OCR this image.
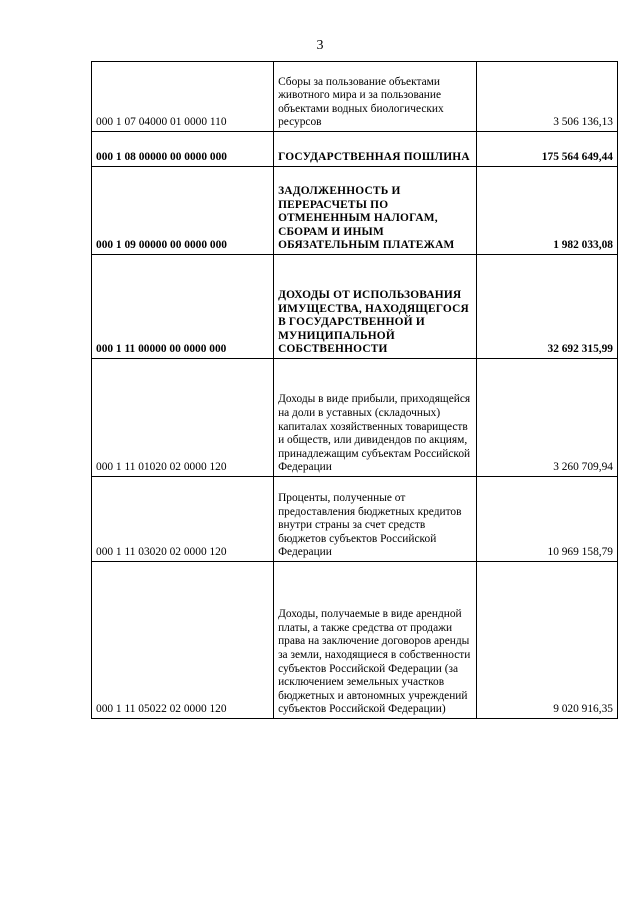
3
000 1 07 04000 01 0000 110	Сборы за пользование объектами животного мира и за пользование объектами водных биологических ресурсов	3 506 136,13
000 1 08 00000 00 0000 000	ГОСУДАРСТВЕННАЯ ПОШЛИНА	175 564 649,44
000 1 09 00000 00 0000 000	ЗАДОЛЖЕННОСТЬ И ПЕРЕРАСЧЕТЫ ПО ОТМЕНЕННЫМ НАЛОГАМ, СБОРАМ И ИНЫМ ОБЯЗАТЕЛЬНЫМ ПЛАТЕЖАМ	1 982 033,08
000 1 11 00000 00 0000 000	ДОХОДЫ ОТ ИСПОЛЬЗОВАНИЯ ИМУЩЕСТВА, НАХОДЯЩЕГОСЯ В ГОСУДАРСТВЕННОЙ И МУНИЦИПАЛЬНОЙ СОБСТВЕННОСТИ	32 692 315,99
000 1 11 01020 02 0000 120	Доходы в виде прибыли, приходящейся на доли в уставных (складочных) капиталах хозяйственных товариществ и обществ, или дивидендов по акциям, принадлежащим субъектам Российской Федерации	3 260 709,94
000 1 11 03020 02 0000 120	Проценты, полученные от предоставления бюджетных кредитов внутри страны за счет средств бюджетов субъектов Российской Федерации	10 969 158,79
000 1 11 05022 02 0000 120	Доходы, получаемые в виде арендной платы, а также средства от продажи права на заключение договоров аренды за земли, находящиеся в собственности субъектов Российской Федерации (за исключением земельных участков бюджетных и автономных учреждений субъектов Российской Федерации)	9 020 916,35
